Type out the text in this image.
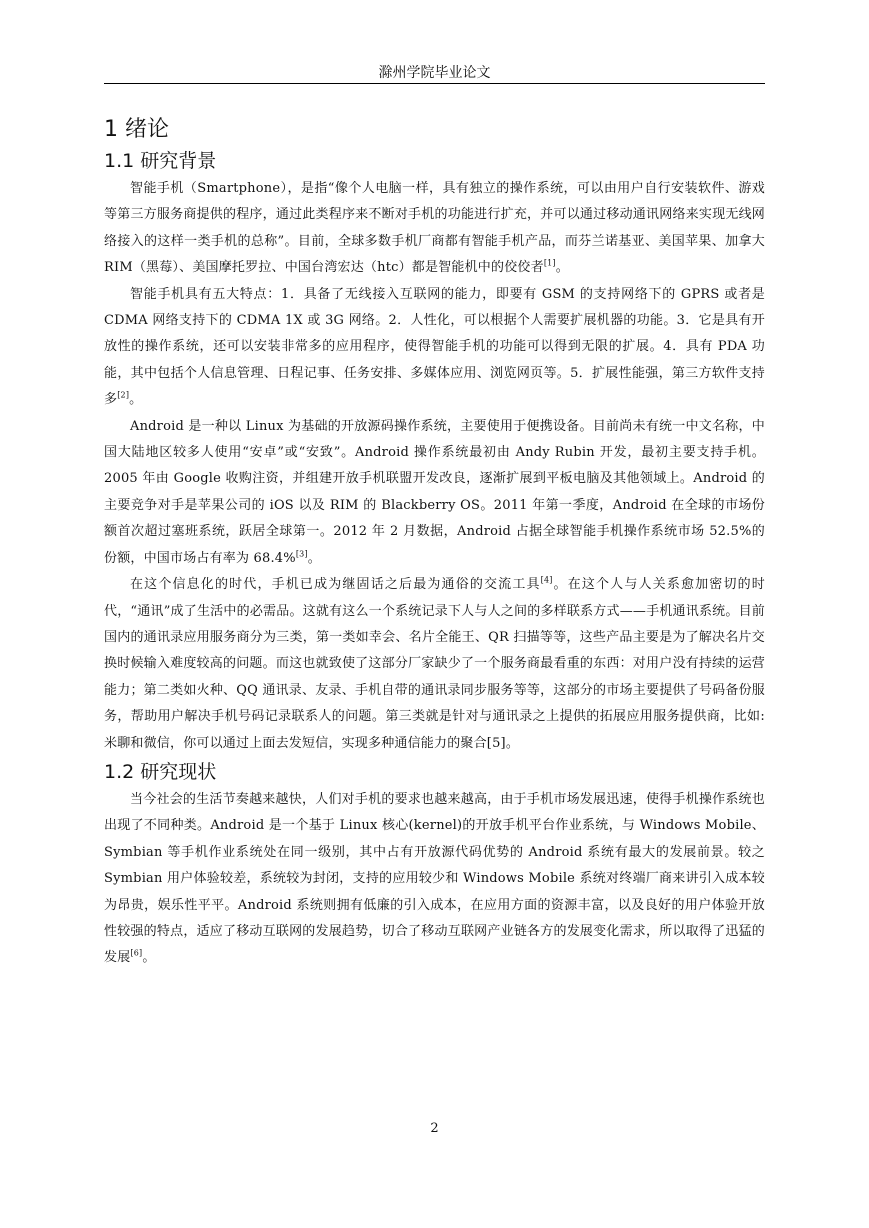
滁州学院毕业论文
1 绪论
1.1 研究背景

智能手机（Smartphone），是指“像个人电脑一样，具有独立的操作系统，可以由用户自行安装软件、游戏等第三方服务商提供的程序，通过此类程序来不断对手机的功能进行扩充，并可以通过移动通讯网络来实现无线网络接入的这样一类手机的总称”。目前，全球多数手机厂商都有智能手机产品，而芬兰诺基亚、美国苹果、加拿大 RIM（黑莓）、美国摩托罗拉、中国台湾宏达（htc）都是智能机中的佼佼者[1]。

智能手机具有五大特点：1．具备了无线接入互联网的能力，即要有 GSM 的支持网络下的 GPRS 或者是 CDMA 网络支持下的 CDMA 1X 或 3G 网络。2．人性化，可以根据个人需要扩展机器的功能。3．它是具有开放性的操作系统，还可以安装非常多的应用程序，使得智能手机的功能可以得到无限的扩展。4．具有 PDA 功能，其中包括个人信息管理、日程记事、任务安排、多媒体应用、浏览网页等。5．扩展性能强，第三方软件支持多[2]。

Android 是一种以 Linux 为基础的开放源码操作系统，主要使用于便携设备。目前尚未有统一中文名称，中国大陆地区较多人使用“安卓”或“安致”。Android 操作系统最初由 Andy Rubin 开发，最初主要支持手机。2005 年由 Google 收购注资，并组建开放手机联盟开发改良，逐渐扩展到平板电脑及其他领域上。Android 的主要竞争对手是苹果公司的 iOS 以及 RIM 的 Blackberry OS。2011 年第一季度，Android 在全球的市场份额首次超过塞班系统，跃居全球第一。2012 年 2 月数据，Android 占据全球智能手机操作系统市场 52.5%的份额，中国市场占有率为 68.4%[3]。

在这个信息化的时代，手机已成为继固话之后最为通俗的交流工具[4]。在这个人与人关系愈加密切的时代，“通讯”成了生活中的必需品。这就有这么一个系统记录下人与人之间的多样联系方式——手机通讯系统。目前国内的通讯录应用服务商分为三类，第一类如幸会、名片全能王、QR 扫描等等，这些产品主要是为了解决名片交换时候输入难度较高的问题。而这也就致使了这部分厂家缺少了一个服务商最看重的东西：对用户没有持续的运营能力；第二类如火种、QQ 通讯录、友录、手机自带的通讯录同步服务等等，这部分的市场主要提供了号码备份服务，帮助用户解决手机号码记录联系人的问题。第三类就是针对与通讯录之上提供的拓展应用服务提供商，比如:米聊和微信，你可以通过上面去发短信，实现多种通信能力的聚合[5]。

1.2 研究现状

当今社会的生活节奏越来越快，人们对手机的要求也越来越高，由于手机市场发展迅速，使得手机操作系统也出现了不同种类。Android 是一个基于 Linux 核心(kernel)的开放手机平台作业系统，与 Windows Mobile、Symbian 等手机作业系统处在同一级别，其中占有开放源代码优势的 Android 系统有最大的发展前景。较之 Symbian 用户体验较差，系统较为封闭，支持的应用较少和 Windows Mobile 系统对终端厂商来讲引入成本较为昂贵，娱乐性平平。Android 系统则拥有低廉的引入成本，在应用方面的资源丰富，以及良好的用户体验开放性较强的特点，适应了移动互联网的发展趋势，切合了移动互联网产业链各方的发展变化需求，所以取得了迅猛的发展[6]。

2
